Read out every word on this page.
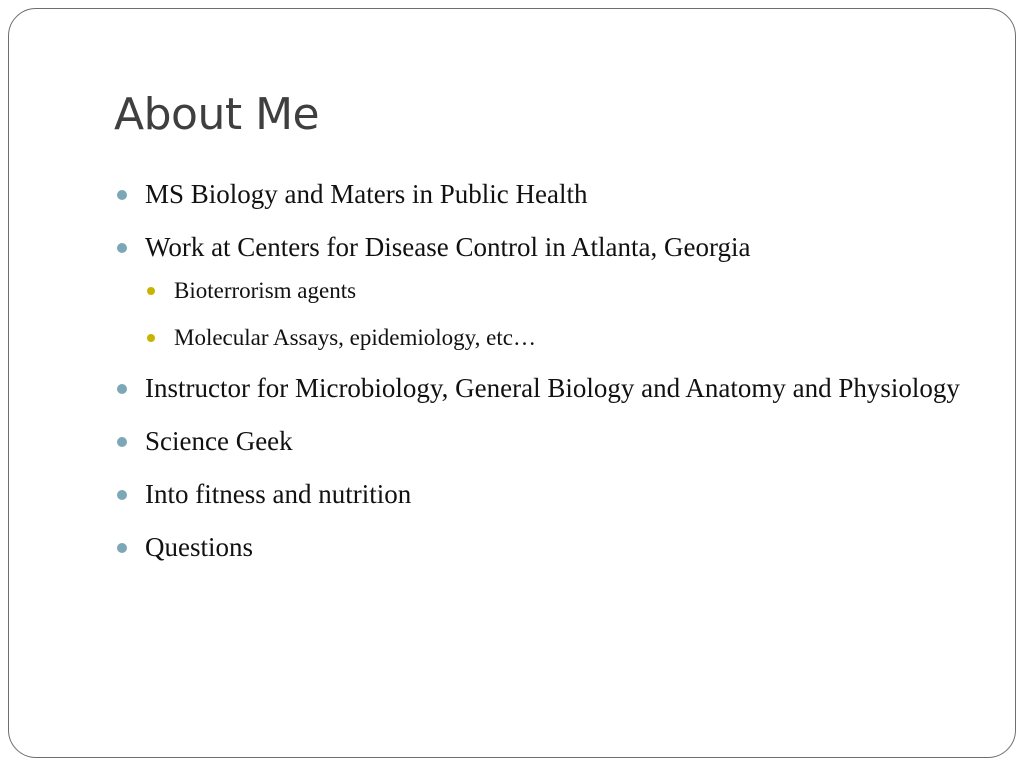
About Me
MS Biology and Maters in Public Health
Work at Centers for Disease Control in Atlanta, Georgia
Bioterrorism agents
Molecular Assays, epidemiology, etc…
Instructor for Microbiology, General Biology and Anatomy and Physiology
Science Geek
Into fitness and nutrition
Questions
